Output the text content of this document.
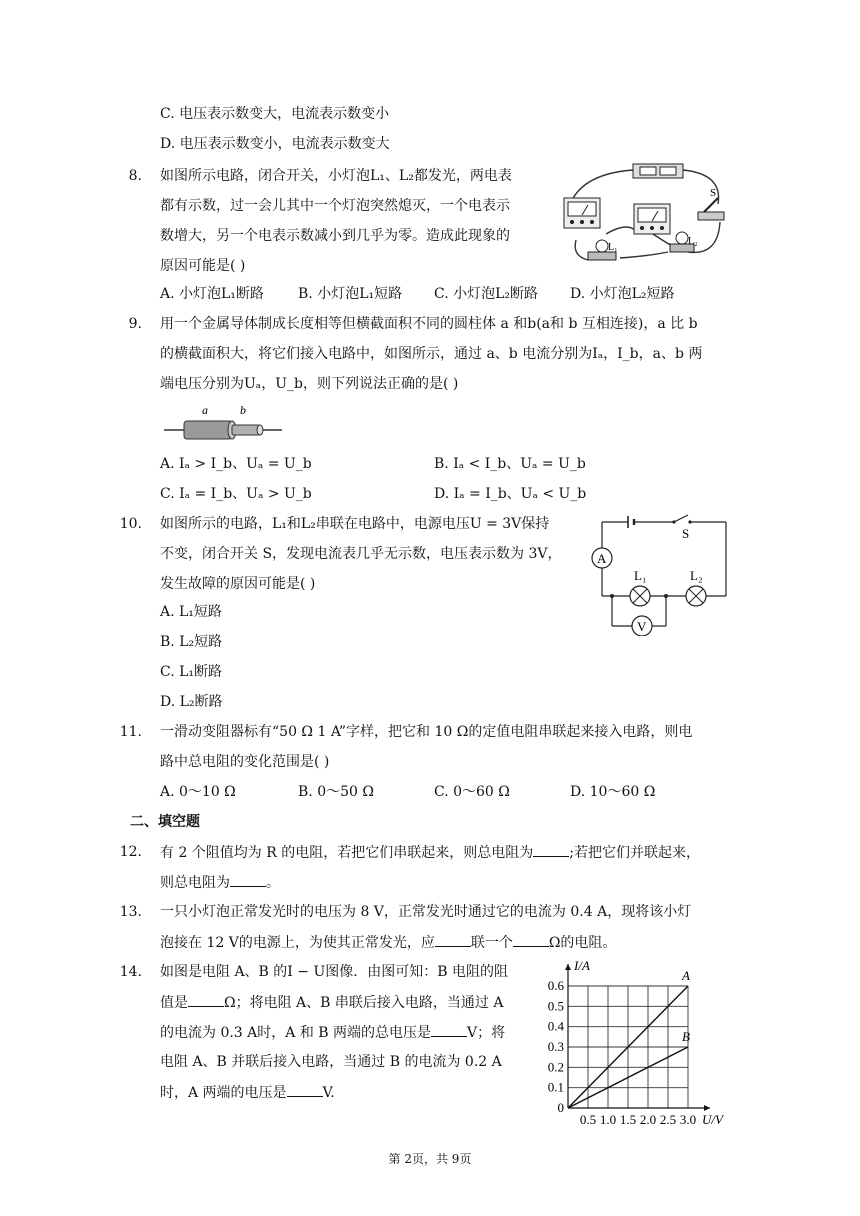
C. 电压表示数变大，电流表示数变小
D. 电压表示数变小，电流表示数变大
8. 如图所示电路，闭合开关，小灯泡L₁、L₂都发光，两电表
都有示数，过一会儿其中一个灯泡突然熄灭，一个电表示
数增大，另一个电表示数减小到几乎为零。造成此现象的
原因可能是( )
A. 小灯泡L₁断路 B. 小灯泡L₁短路 C. 小灯泡L₂断路 D. 小灯泡L₂短路
S
L₁
L₂
9. 用一个金属导体制成长度相等但横截面积不同的圆柱体 a 和b(a和 b 互相连接)，a 比 b
的横截面积大，将它们接入电路中，如图所示，通过 a、b 电流分别为Iₐ，I_b，a、b 两
端电压分别为Uₐ，U_b，则下列说法正确的是( )
a	b
A. Iₐ > I_b、Uₐ = U_b	B. Iₐ < I_b、Uₐ = U_b
C. Iₐ = I_b、Uₐ > U_b	D. Iₐ = I_b、Uₐ < U_b
10. 如图所示的电路，L₁和L₂串联在电路中，电源电压U = 3V保持
不变，闭合开关 S，发现电流表几乎无示数，电压表示数为 3V，
发生故障的原因可能是( )
A. L₁短路
B. L₂短路
C. L₁断路
D. L₂断路
S
A
L₁	L₂
V
11. 一滑动变阻器标有“50 Ω 1 A”字样，把它和 10 Ω的定值电阻串联起来接入电路，则电
路中总电阻的变化范围是( )
A. 0～10 Ω	B. 0～50 Ω	C. 0～60 Ω	D. 10～60 Ω
二、填空题
12. 有 2 个阻值均为 R 的电阻，若把它们串联起来，则总电阻为	;若把它们并联起来，
则总电阻为	。
13. 一只小灯泡正常发光时的电压为 8 V，正常发光时通过它的电流为 0.4 A，现将该小灯
泡接在 12 V的电源上，为使其正常发光，应	联一个	Ω的电阻。
14. 如图是电阻 A、B 的I − U图像．由图可知：B 电阻的阻
值是	Ω；将电阻 A、B 串联后接入电路，当通过 A
的电流为 0.3 A时，A 和 B 两端的总电压是	V；将
电阻 A、B 并联后接入电路，当通过 B 的电流为 0.2 A
时，A 两端的电压是	V.
0.5 1.0 1.5 2.0 2.5 3.0
0.1
0.2
0.3
0.4
0.5
0.6
0
U/V
I/A
A
B
第 2页，共 9页
